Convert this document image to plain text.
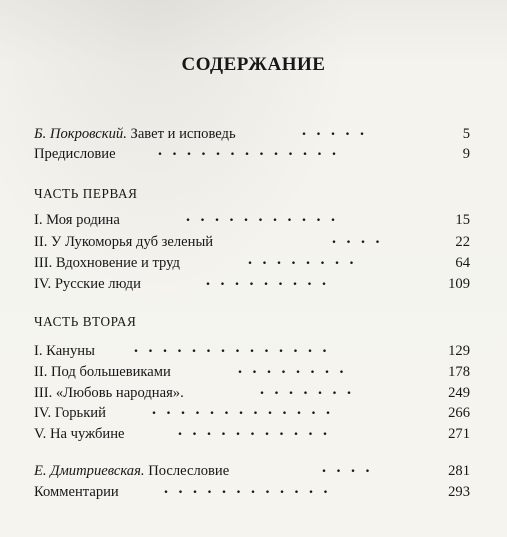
СОДЕРЖАНИЕ
Б. Покровский. Завет и исповедь	.....	5
Предисловие	.............	9
ЧАСТЬ ПЕРВАЯ
I. Моя родина	...........	15
II. У Лукоморья дуб зеленый	....	22
III. Вдохновение и труд	........	64
IV. Русские люди	.........	109
ЧАСТЬ ВТОРАЯ
I. Кануны ..............	129
II. Под большевиками	........	178
III. «Любовь народная».	.......	249
IV. Горький	.............	266
V. На чужбине	...........	271
Е. Дмитриевская. Послесловие	....	281
Комментарии	............	293
